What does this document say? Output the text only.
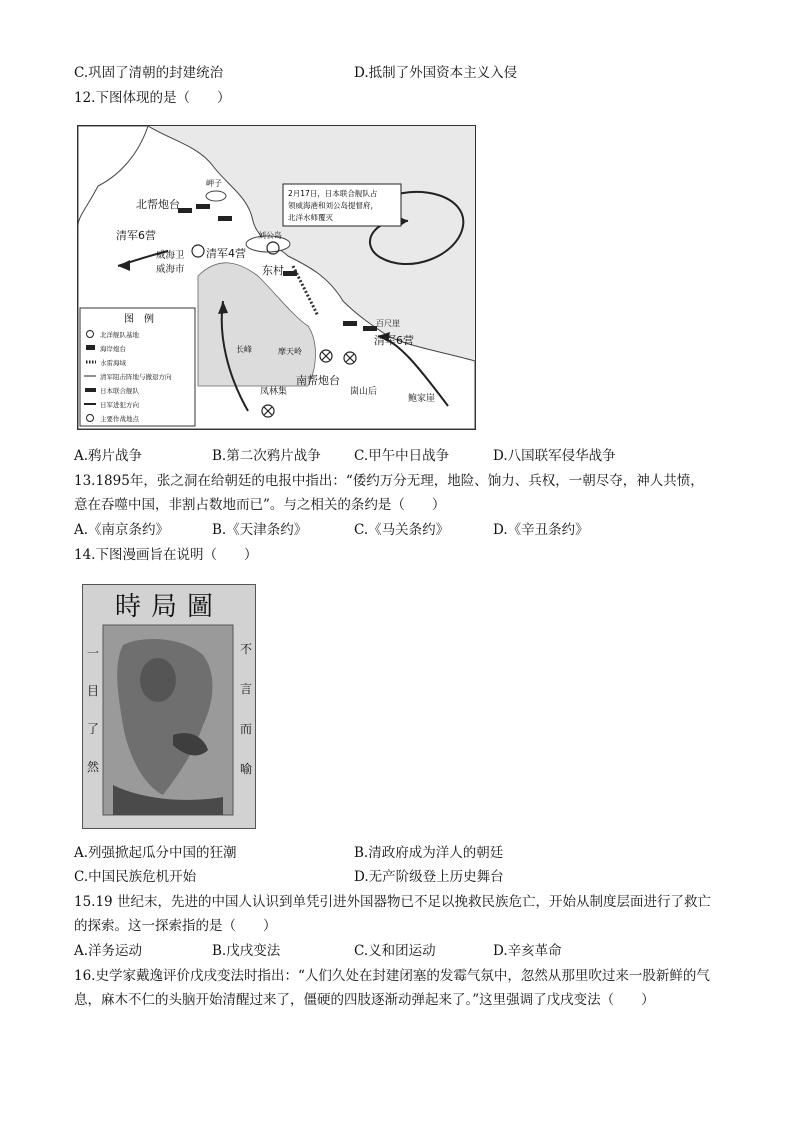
C.巩固了清朝的封建统治	D.抵制了外国资本主义入侵
12.下图体现的是（　　）
2月17日，日本联合舰队占
领威海港和刘公岛提督府，
北洋水师覆灭
北帮炮台
岬子
清军6营
威海卫
威海市
清军4营
刘公岛
东村
百尺崖
清军6营
长峰	摩天岭
南帮炮台
凤林集	崮山后
鲍家崖
图　例
北洋舰队基地
海岸炮台
水雷海域
清军阻击阵地与撤退方向
日本联合舰队
日军进犯方向
主要作战地点
A.鸦片战争	B.第二次鸦片战争 C.甲午中日战争	D.八国联军侵华战争
13.1895年，张之洞在给朝廷的电报中指出：“倭约万分无理，地险、饷力、兵权，一朝尽夺，神人共愤，
意在吞噬中国，非割占数地而已”。与之相关的条约是（　　）
A.《南京条约》	B.《天津条约》	C.《马关条约》	D.《辛丑条约》
14.下图漫画旨在说明（　　）
時局圖
不
言
而
喻
一
目
了
然
A.列强掀起瓜分中国的狂潮	B.清政府成为洋人的朝廷
C.中国民族危机开始	D.无产阶级登上历史舞台
15.19 世纪末，先进的中国人认识到单凭引进外国器物已不足以挽救民族危亡，开始从制度层面进行了救亡
的探索。这一探索指的是（　　）
A.洋务运动	B.戊戌变法	C.义和团运动	D.辛亥革命
16.史学家戴逸评价戊戌变法时指出：“人们久处在封建闭塞的发霉气氛中，忽然从那里吹过来一股新鲜的气
息，麻木不仁的头脑开始清醒过来了，僵硬的四肢逐渐动弹起来了。”这里强调了戊戌变法（　　）
